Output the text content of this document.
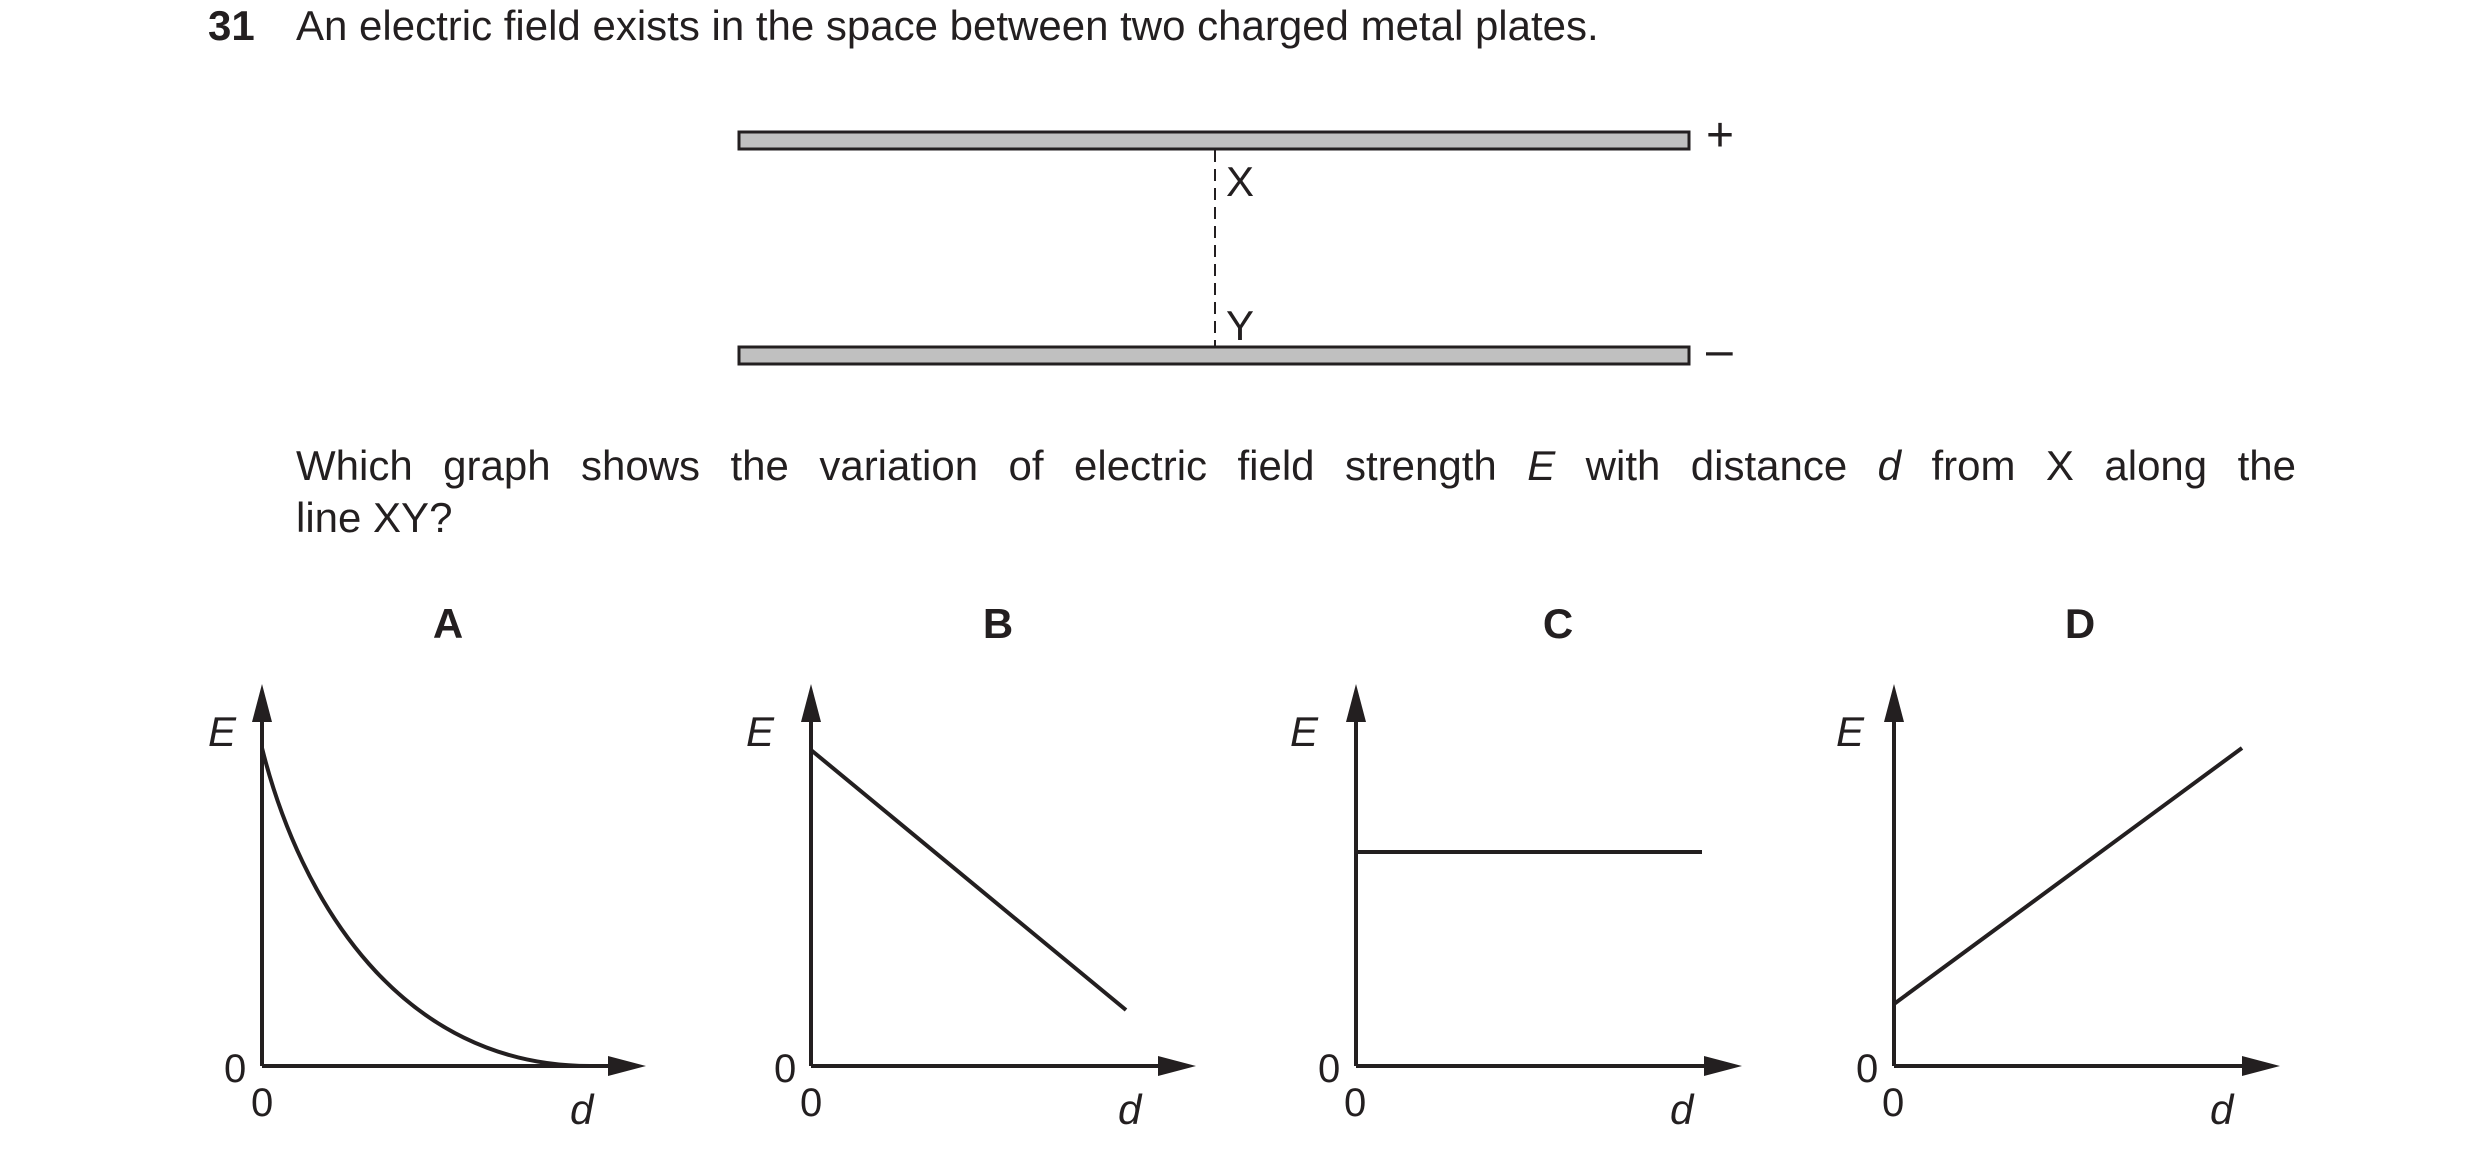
31 An electric field exists in the space between two charged metal plates.
X
Y
+
–
Which graph shows the variation of electric field strength E with distance d from X along the
line XY?
A
E
0
0	d
B
E
0
0	d
C
E
0
0	d
D
E
0
0	d
